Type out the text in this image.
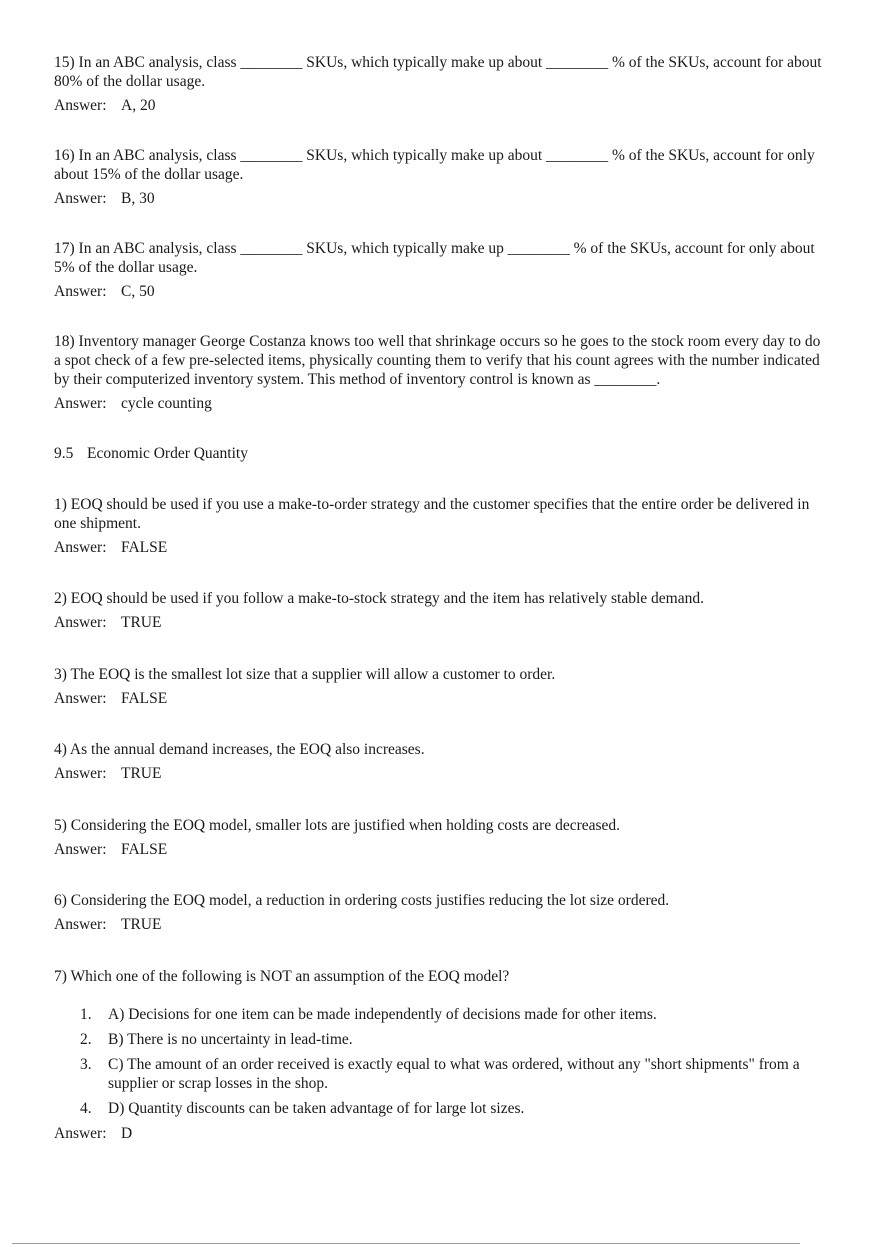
15) In an ABC analysis, class ________ SKUs, which typically make up about ________ % of the SKUs, account for about 80% of the dollar usage.

Answer: A, 20

16) In an ABC analysis, class ________ SKUs, which typically make up about ________ % of the SKUs, account for only about 15% of the dollar usage.

Answer: B, 30

17) In an ABC analysis, class ________ SKUs, which typically make up ________ % of the SKUs, account for only about 5% of the dollar usage.

Answer: C, 50

18) Inventory manager George Costanza knows too well that shrinkage occurs so he goes to the stock room every day to do a spot check of a few pre-selected items, physically counting them to verify that his count agrees with the number indicated by their computerized inventory system. This method of inventory control is known as ________.

Answer: cycle counting

9.5 Economic Order Quantity

1) EOQ should be used if you use a make-to-order strategy and the customer specifies that the entire order be delivered in one shipment.

Answer: FALSE

2) EOQ should be used if you follow a make-to-stock strategy and the item has relatively stable demand.

Answer: TRUE

3) The EOQ is the smallest lot size that a supplier will allow a customer to order.

Answer: FALSE

4) As the annual demand increases, the EOQ also increases.

Answer: TRUE

5) Considering the EOQ model, smaller lots are justified when holding costs are decreased.

Answer: FALSE

6) Considering the EOQ model, a reduction in ordering costs justifies reducing the lot size ordered.

Answer: TRUE

7) Which one of the following is NOT an assumption of the EOQ model?

1. A) Decisions for one item can be made independently of decisions made for other items.
2. B) There is no uncertainty in lead-time.
3. C) The amount of an order received is exactly equal to what was ordered, without any "short shipments" from a supplier or scrap losses in the shop.
4. D) Quantity discounts can be taken advantage of for large lot sizes.

Answer: D
